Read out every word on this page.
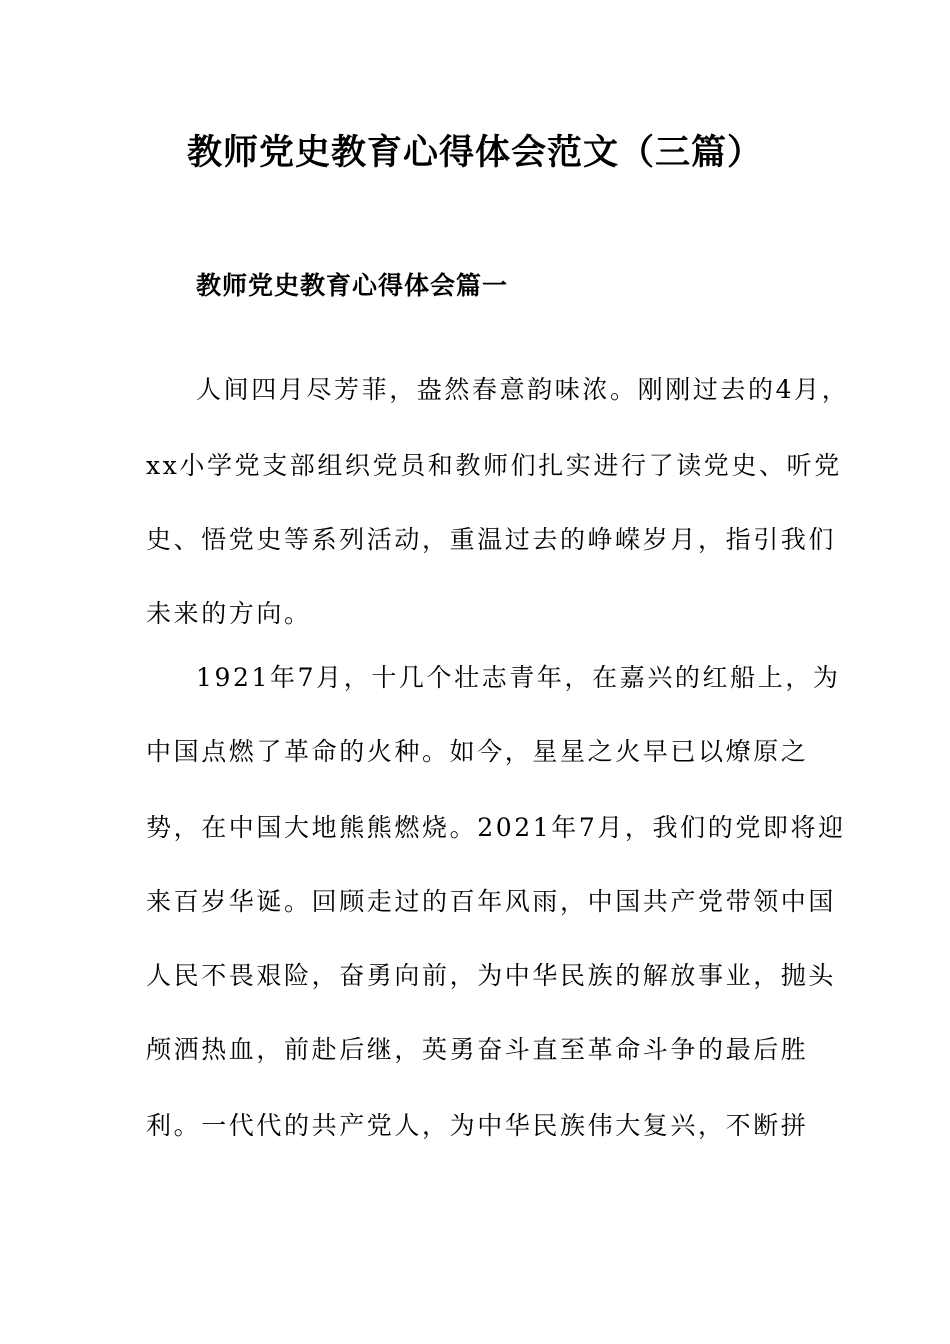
教师党史教育心得体会范文（三篇）
教师党史教育心得体会篇一
人间四月尽芳菲，盎然春意韵味浓。刚刚过去的4月，
xx小学党支部组织党员和教师们扎实进行了读党史、听党
史、悟党史等系列活动，重温过去的峥嵘岁月，指引我们
未来的方向。
1921年7月，十几个壮志青年，在嘉兴的红船上，为
中国点燃了革命的火种。如今，星星之火早已以燎原之
势，在中国大地熊熊燃烧。2021年7月，我们的党即将迎
来百岁华诞。回顾走过的百年风雨，中国共产党带领中国
人民不畏艰险，奋勇向前，为中华民族的解放事业，抛头
颅洒热血，前赴后继，英勇奋斗直至革命斗争的最后胜
利。一代代的共产党人，为中华民族伟大复兴，不断拼
